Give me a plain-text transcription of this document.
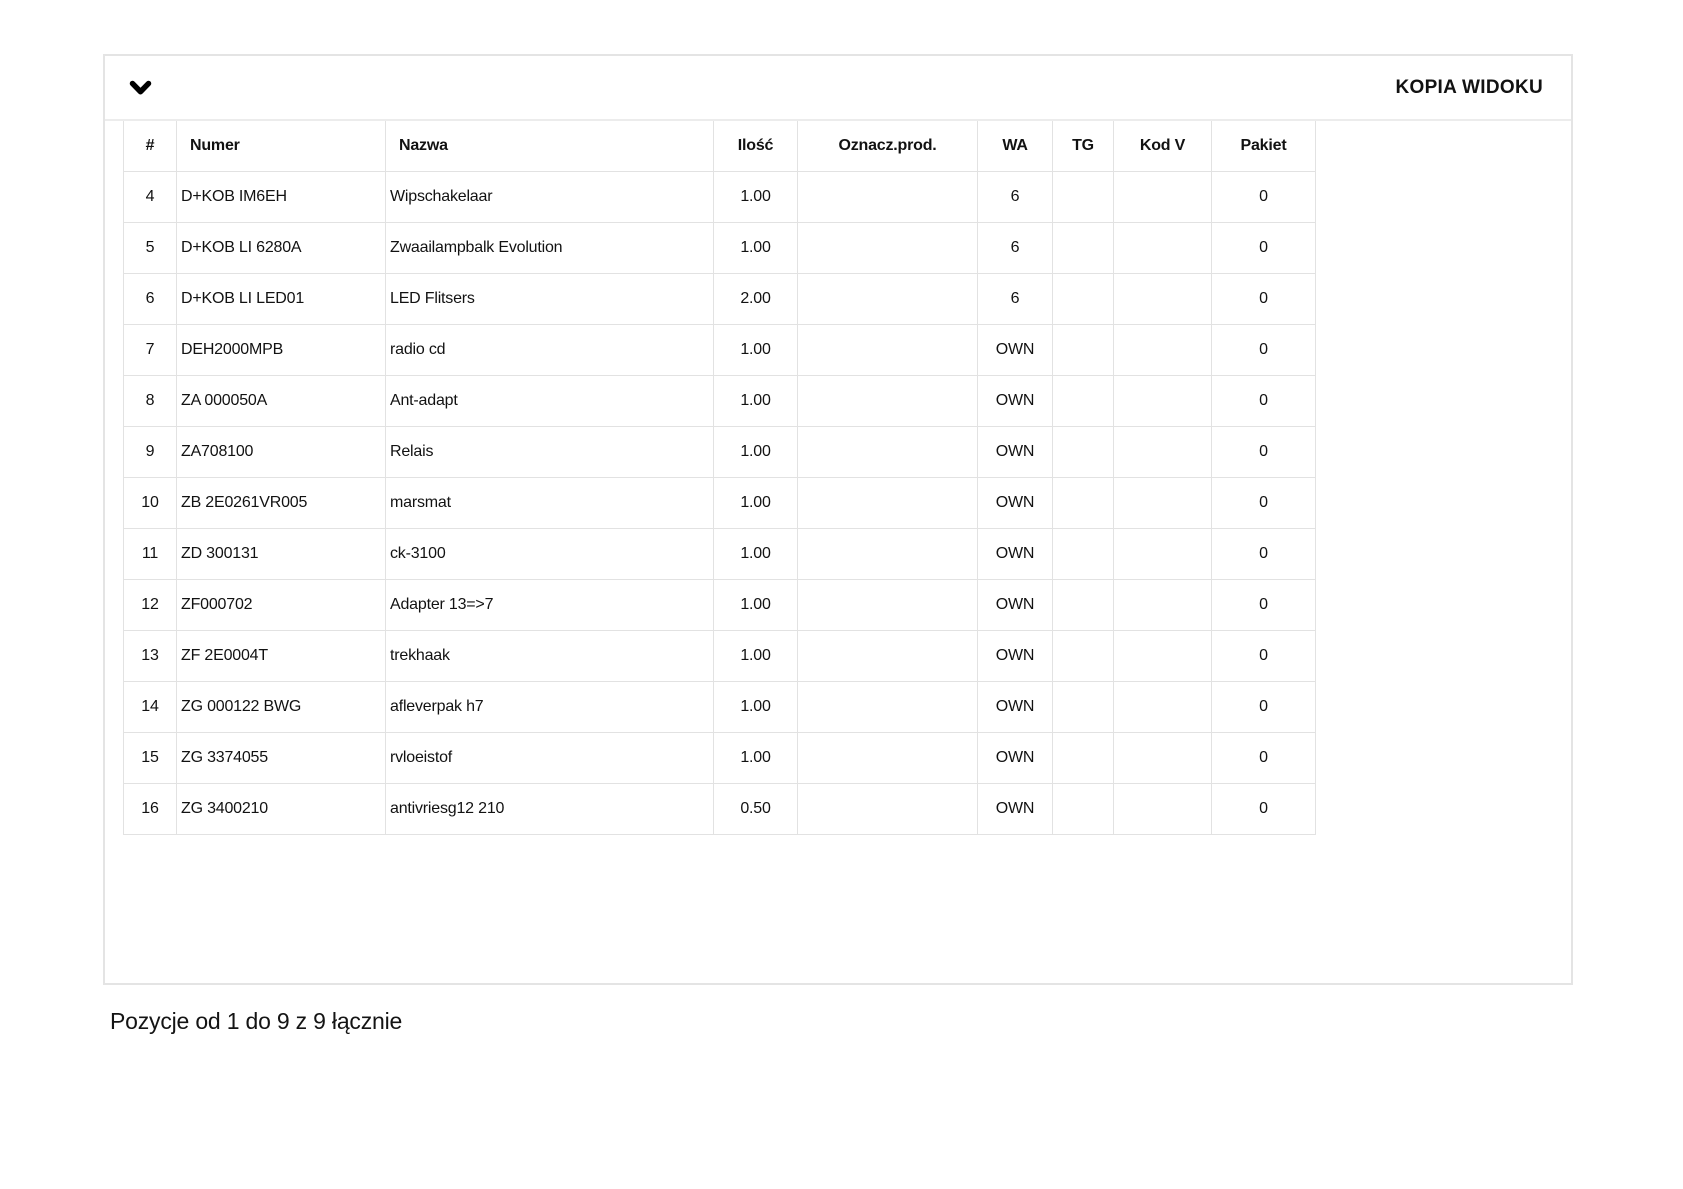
KOPIA WIDOKU
#	Numer	Nazwa	Ilość	Oznacz.prod.	WA	TG	Kod V	Pakiet
4	D+KOB IM6EH	Wipschakelaar	1.00		6			0
5	D+KOB LI 6280A	Zwaailampbalk Evolution	1.00		6			0
6	D+KOB LI LED01	LED Flitsers	2.00		6			0
7	DEH2000MPB	radio cd	1.00		OWN			0
8	ZA 000050A	Ant-adapt	1.00		OWN			0
9	ZA708100	Relais	1.00		OWN			0
10	ZB 2E0261VR005	marsmat	1.00		OWN			0
11	ZD 300131	ck-3100	1.00		OWN			0
12	ZF000702	Adapter 13=>7	1.00		OWN			0
13	ZF 2E0004T	trekhaak	1.00		OWN			0
14	ZG 000122 BWG	afleverpak h7	1.00		OWN			0
15	ZG 3374055	rvloeistof	1.00		OWN			0
16	ZG 3400210	antivriesg12 210	0.50		OWN			0
Pozycje od 1 do 9 z 9 łącznie
